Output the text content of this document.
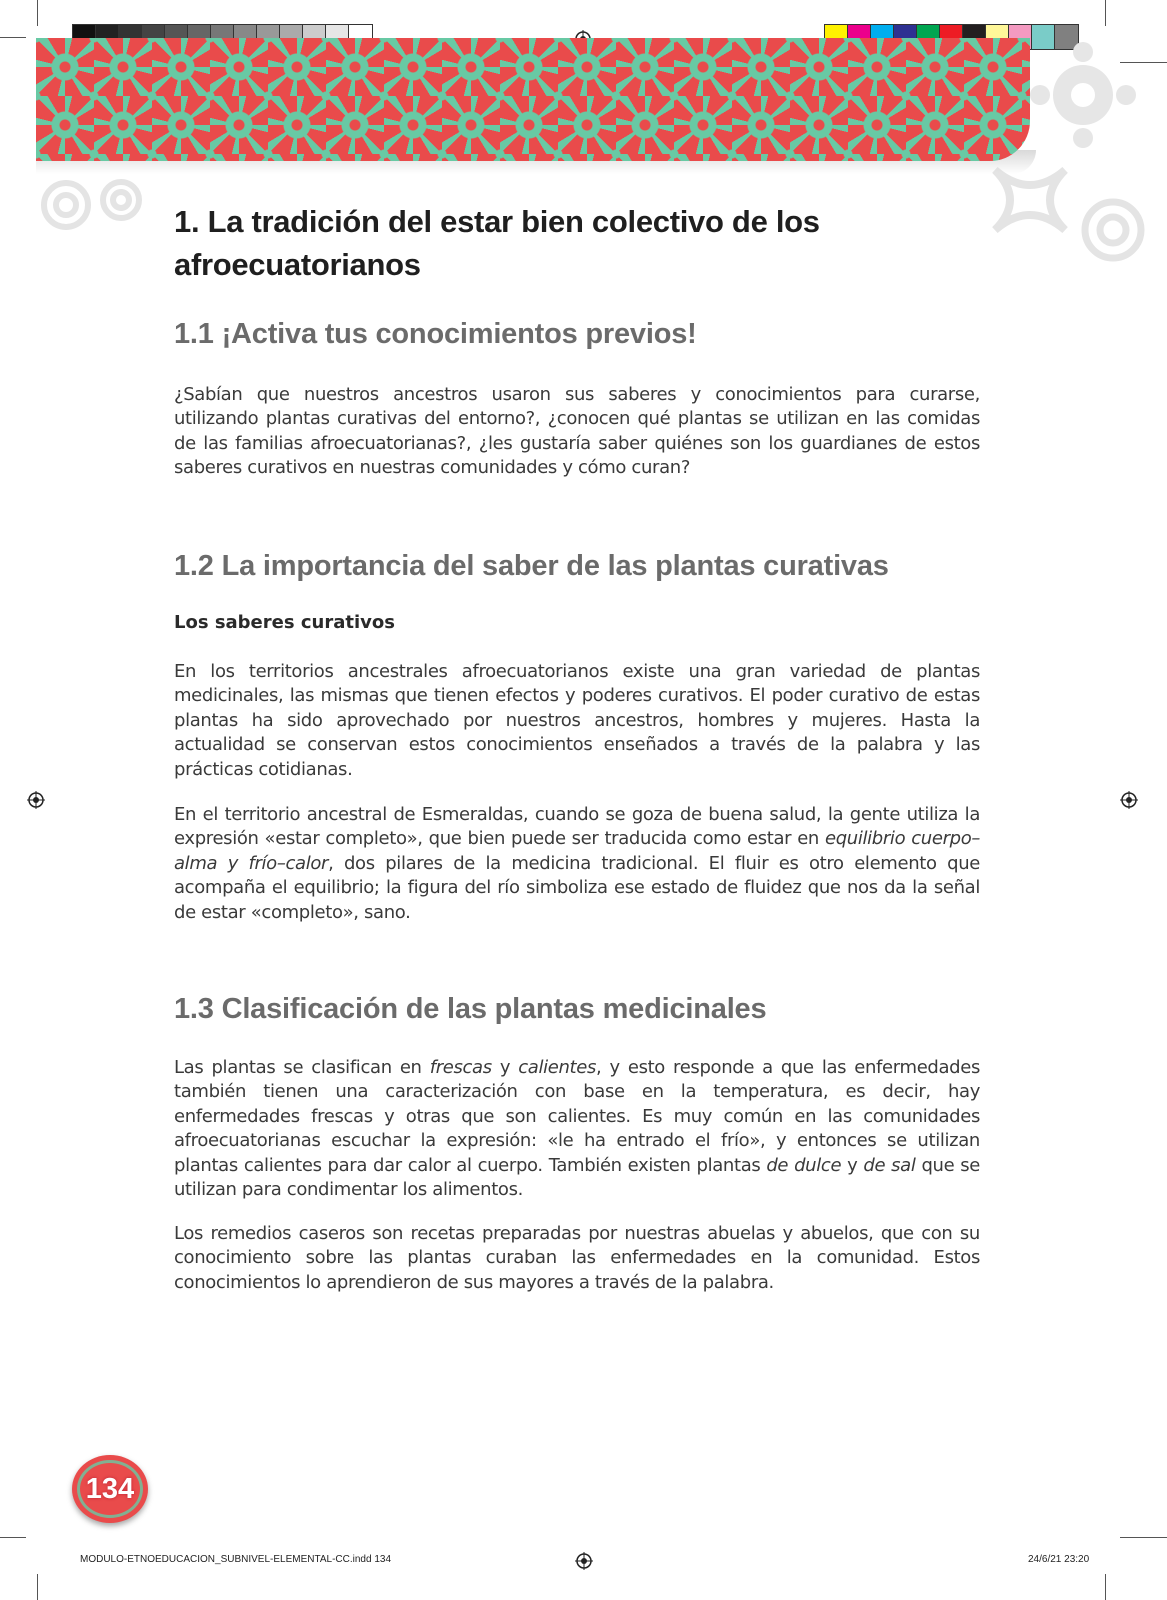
1. La tradición del estar bien colectivo de los afroecuatorianos
1.1 ¡Activa tus conocimientos previos!

¿Sabían que nuestros ancestros usaron sus saberes y conocimientos para curarse, utilizando plantas curativas del entorno?, ¿conocen qué plantas se utilizan en las comidas de las familias afroecuatorianas?, ¿les gustaría saber quiénes son los guardianes de estos saberes curativos en nuestras comunidades y cómo curan?

1.2 La importancia del saber de las plantas curativas
Los saberes curativos

En los territorios ancestrales afroecuatorianos existe una gran variedad de plantas medicinales, las mismas que tienen efectos y poderes curativos. El poder curativo de estas plantas ha sido aprovechado por nuestros ancestros, hombres y mujeres. Hasta la actualidad se conservan estos conocimientos enseñados a través de la palabra y las prácticas cotidianas.

En el territorio ancestral de Esmeraldas, cuando se goza de buena salud, la gente utiliza la expresión «estar completo», que bien puede ser traducida como estar en equilibrio cuerpo–alma y frío–calor, dos pilares de la medicina tradicional. El fluir es otro elemento que acompaña el equilibrio; la figura del río simboliza ese estado de fluidez que nos da la señal de estar «completo», sano.

1.3 Clasificación de las plantas medicinales

Las plantas se clasifican en frescas y calientes, y esto responde a que las enfermedades también tienen una caracterización con base en la temperatura, es decir, hay enfermedades frescas y otras que son calientes. Es muy común en las comunidades afroecuatorianas escuchar la expresión: «le ha entrado el frío», y entonces se utilizan plantas calientes para dar calor al cuerpo. También existen plantas de dulce y de sal que se utilizan para condimentar los alimentos.

Los remedios caseros son recetas preparadas por nuestras abuelas y abuelos, que con su conocimiento sobre las plantas curaban las enfermedades en la comunidad. Estos conocimientos lo aprendieron de sus mayores a través de la palabra.

134
MODULO-ETNOEDUCACION_SUBNIVEL-ELEMENTAL-CC.indd 134	24/6/21 23:20
